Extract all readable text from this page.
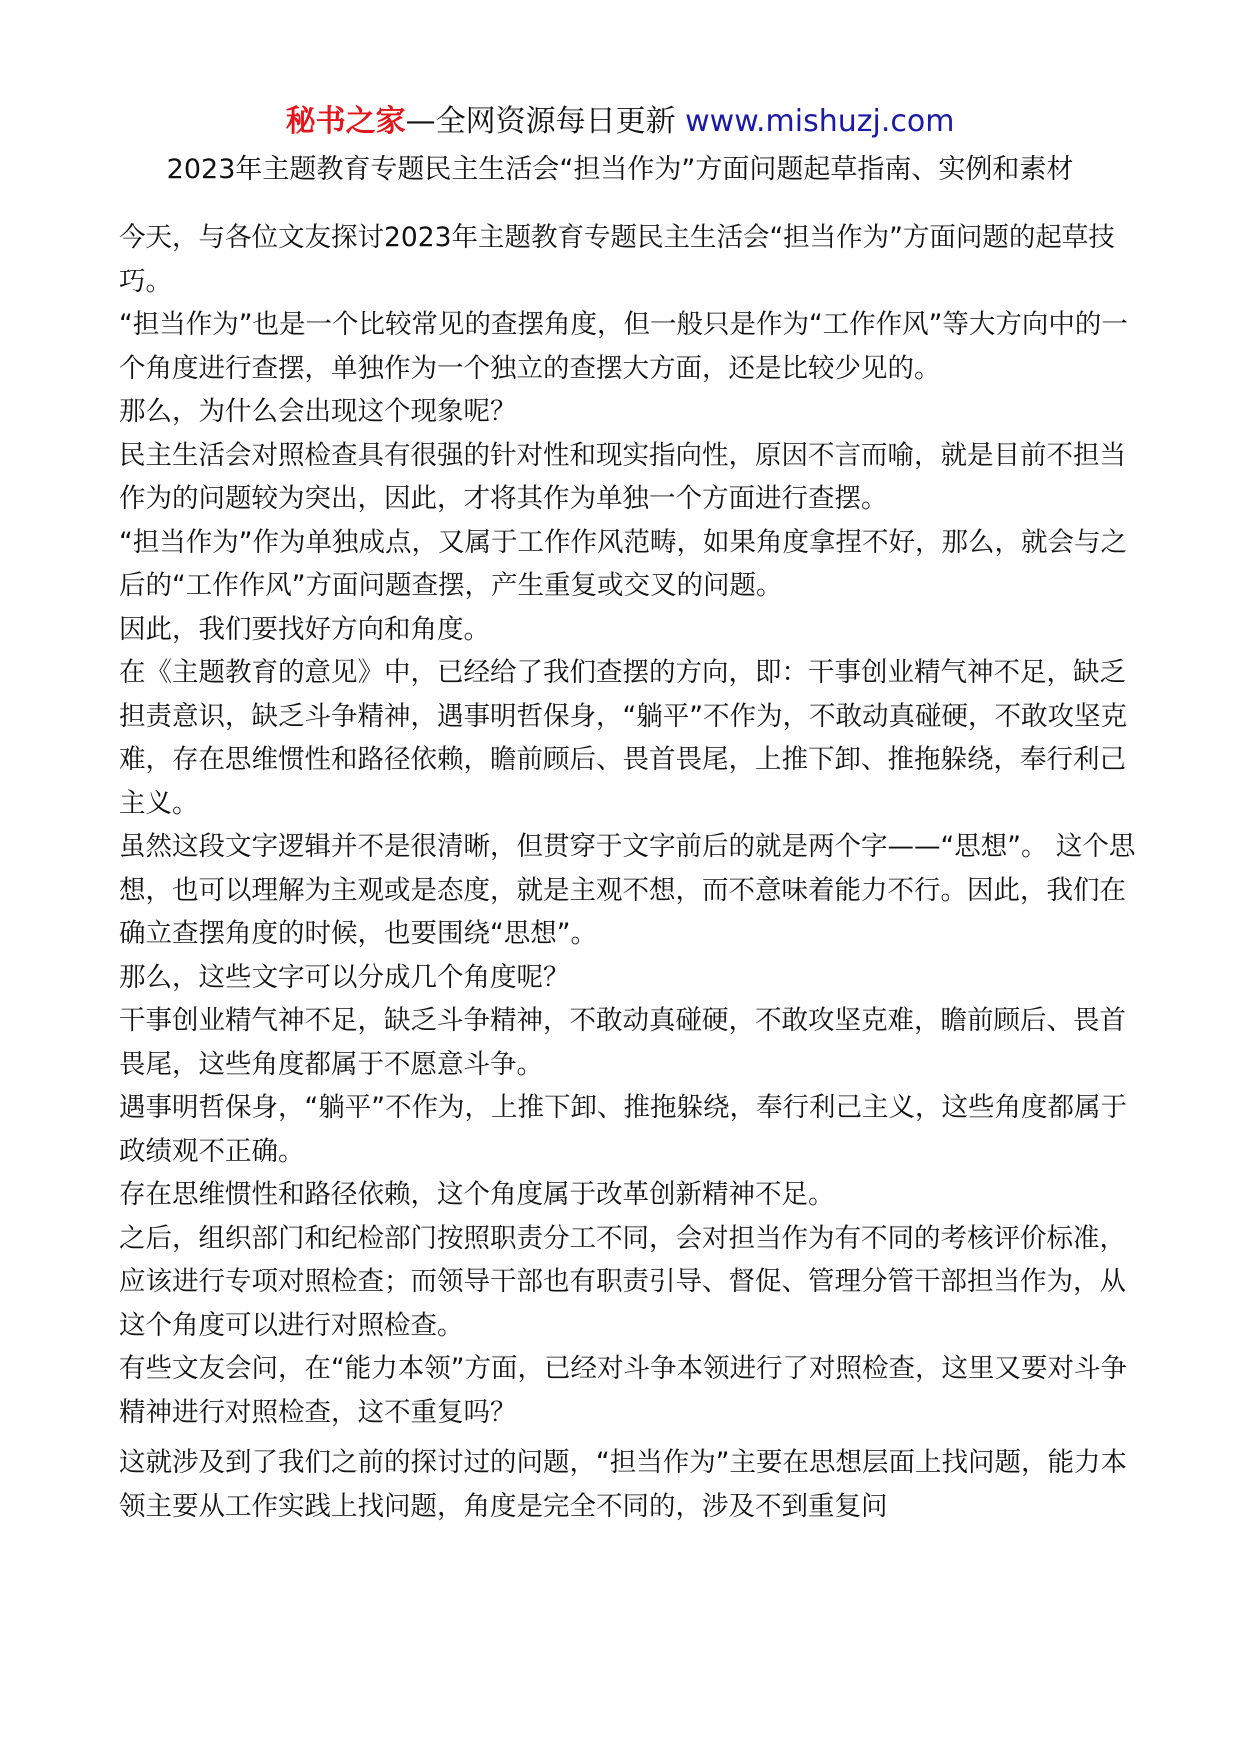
秘书之家—全网资源每日更新 www.mishuzj.com
2023年主题教育专题民主生活会“担当作为”方面问题起草指南、实例和素材

今天，与各位文友探讨2023年主题教育专题民主生活会“担当作为”方面问题的起草技巧。

“担当作为”也是一个比较常见的查摆角度，但一般只是作为“工作作风”等大方向中的一个角度进行查摆，单独作为一个独立的查摆大方面，还是比较少见的。

那么，为什么会出现这个现象呢？

民主生活会对照检查具有很强的针对性和现实指向性，原因不言而喻，就是目前不担当作为的问题较为突出，因此，才将其作为单独一个方面进行查摆。

“担当作为”作为单独成点，又属于工作作风范畴，如果角度拿捏不好，那么，就会与之后的“工作作风”方面问题查摆，产生重复或交叉的问题。

因此，我们要找好方向和角度。

在《主题教育的意见》中，已经给了我们查摆的方向，即：干事创业精气神不足，缺乏担责意识，缺乏斗争精神，遇事明哲保身，“躺平”不作为，不敢动真碰硬，不敢攻坚克难，存在思维惯性和路径依赖，瞻前顾后、畏首畏尾，上推下卸、推拖躲绕，奉行利己主义。

虽然这段文字逻辑并不是很清晰，但贯穿于文字前后的就是两个字——“思想”。 这个思想，也可以理解为主观或是态度，就是主观不想，而不意味着能力不行。因此，我们在确立查摆角度的时候，也要围绕“思想”。

那么，这些文字可以分成几个角度呢？

干事创业精气神不足，缺乏斗争精神，不敢动真碰硬，不敢攻坚克难，瞻前顾后、畏首畏尾，这些角度都属于不愿意斗争。

遇事明哲保身，“躺平”不作为，上推下卸、推拖躲绕，奉行利己主义，这些角度都属于政绩观不正确。

存在思维惯性和路径依赖，这个角度属于改革创新精神不足。

之后，组织部门和纪检部门按照职责分工不同，会对担当作为有不同的考核评价标准，应该进行专项对照检查；而领导干部也有职责引导、督促、管理分管干部担当作为，从这个角度可以进行对照检查。

有些文友会问，在“能力本领”方面，已经对斗争本领进行了对照检查，这里又要对斗争精神进行对照检查，这不重复吗？

这就涉及到了我们之前的探讨过的问题，“担当作为”主要在思想层面上找问题，能力本领主要从工作实践上找问题，角度是完全不同的，涉及不到重复问
